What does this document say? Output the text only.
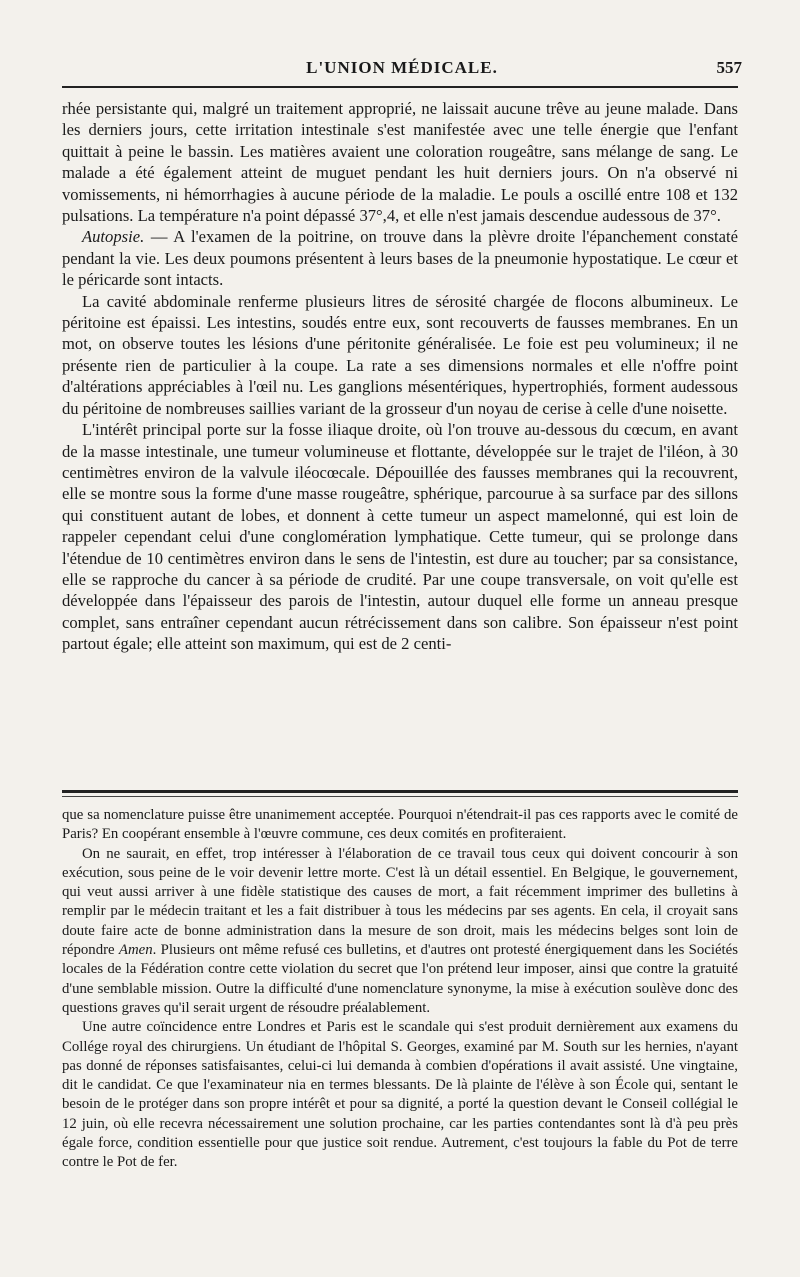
L'UNION MÉDICALE.	557

rhée persistante qui, malgré un traitement approprié, ne laissait aucune trêve au jeune malade. Dans les derniers jours, cette irritation intestinale s'est manifestée avec une telle énergie que l'enfant quittait à peine le bassin. Les matières avaient une coloration rougeâtre, sans mélange de sang. Le malade a été également atteint de muguet pendant les huit derniers jours. On n'a observé ni vomissements, ni hémorrhagies à aucune période de la maladie. Le pouls a oscillé entre 108 et 132 pulsations. La température n'a point dépassé 37°,4, et elle n'est jamais descendue audessous de 37°.

Autopsie. — A l'examen de la poitrine, on trouve dans la plèvre droite l'épanchement constaté pendant la vie. Les deux poumons présentent à leurs bases de la pneumonie hypostatique. Le cœur et le péricarde sont intacts.

La cavité abdominale renferme plusieurs litres de sérosité chargée de flocons albumineux. Le péritoine est épaissi. Les intestins, soudés entre eux, sont recouverts de fausses membranes. En un mot, on observe toutes les lésions d'une péritonite généralisée. Le foie est peu volumineux; il ne présente rien de particulier à la coupe. La rate a ses dimensions normales et elle n'offre point d'altérations appréciables à l'œil nu. Les ganglions mésentériques, hypertrophiés, forment audessous du péritoine de nombreuses saillies variant de la grosseur d'un noyau de cerise à celle d'une noisette.

L'intérêt principal porte sur la fosse iliaque droite, où l'on trouve au-dessous du cœcum, en avant de la masse intestinale, une tumeur volumineuse et flottante, développée sur le trajet de l'iléon, à 30 centimètres environ de la valvule iléocœcale. Dépouillée des fausses membranes qui la recouvrent, elle se montre sous la forme d'une masse rougeâtre, sphérique, parcourue à sa surface par des sillons qui constituent autant de lobes, et donnent à cette tumeur un aspect mamelonné, qui est loin de rappeler cependant celui d'une conglomération lymphatique. Cette tumeur, qui se prolonge dans l'étendue de 10 centimètres environ dans le sens de l'intestin, est dure au toucher; par sa consistance, elle se rapproche du cancer à sa période de crudité. Par une coupe transversale, on voit qu'elle est développée dans l'épaisseur des parois de l'intestin, autour duquel elle forme un anneau presque complet, sans entraîner cependant aucun rétrécissement dans son calibre. Son épaisseur n'est point partout égale; elle atteint son maximum, qui est de 2 centi-

que sa nomenclature puisse être unanimement acceptée. Pourquoi n'étendrait-il pas ces rapports avec le comité de Paris? En coopérant ensemble à l'œuvre commune, ces deux comités en profiteraient.

On ne saurait, en effet, trop intéresser à l'élaboration de ce travail tous ceux qui doivent concourir à son exécution, sous peine de le voir devenir lettre morte. C'est là un détail essentiel. En Belgique, le gouvernement, qui veut aussi arriver à une fidèle statistique des causes de mort, a fait récemment imprimer des bulletins à remplir par le médecin traitant et les a fait distribuer à tous les médecins par ses agents. En cela, il croyait sans doute faire acte de bonne administration dans la mesure de son droit, mais les médecins belges sont loin de répondre Amen. Plusieurs ont même refusé ces bulletins, et d'autres ont protesté énergiquement dans les Sociétés locales de la Fédération contre cette violation du secret que l'on prétend leur imposer, ainsi que contre la gratuité d'une semblable mission. Outre la difficulté d'une nomenclature synonyme, la mise à exécution soulève donc des questions graves qu'il serait urgent de résoudre préalablement.

Une autre coïncidence entre Londres et Paris est le scandale qui s'est produit dernièrement aux examens du Collége royal des chirurgiens. Un étudiant de l'hôpital S. Georges, examiné par M. South sur les hernies, n'ayant pas donné de réponses satisfaisantes, celui-ci lui demanda à combien d'opérations il avait assisté. Une vingtaine, dit le candidat. Ce que l'examinateur nia en termes blessants. De là plainte de l'élève à son École qui, sentant le besoin de le protéger dans son propre intérêt et pour sa dignité, a porté la question devant le Conseil collégial le 12 juin, où elle recevra nécessairement une solution prochaine, car les parties contendantes sont là d'à peu près égale force, condition essentielle pour que justice soit rendue. Autrement, c'est toujours la fable du Pot de terre contre le Pot de fer.
